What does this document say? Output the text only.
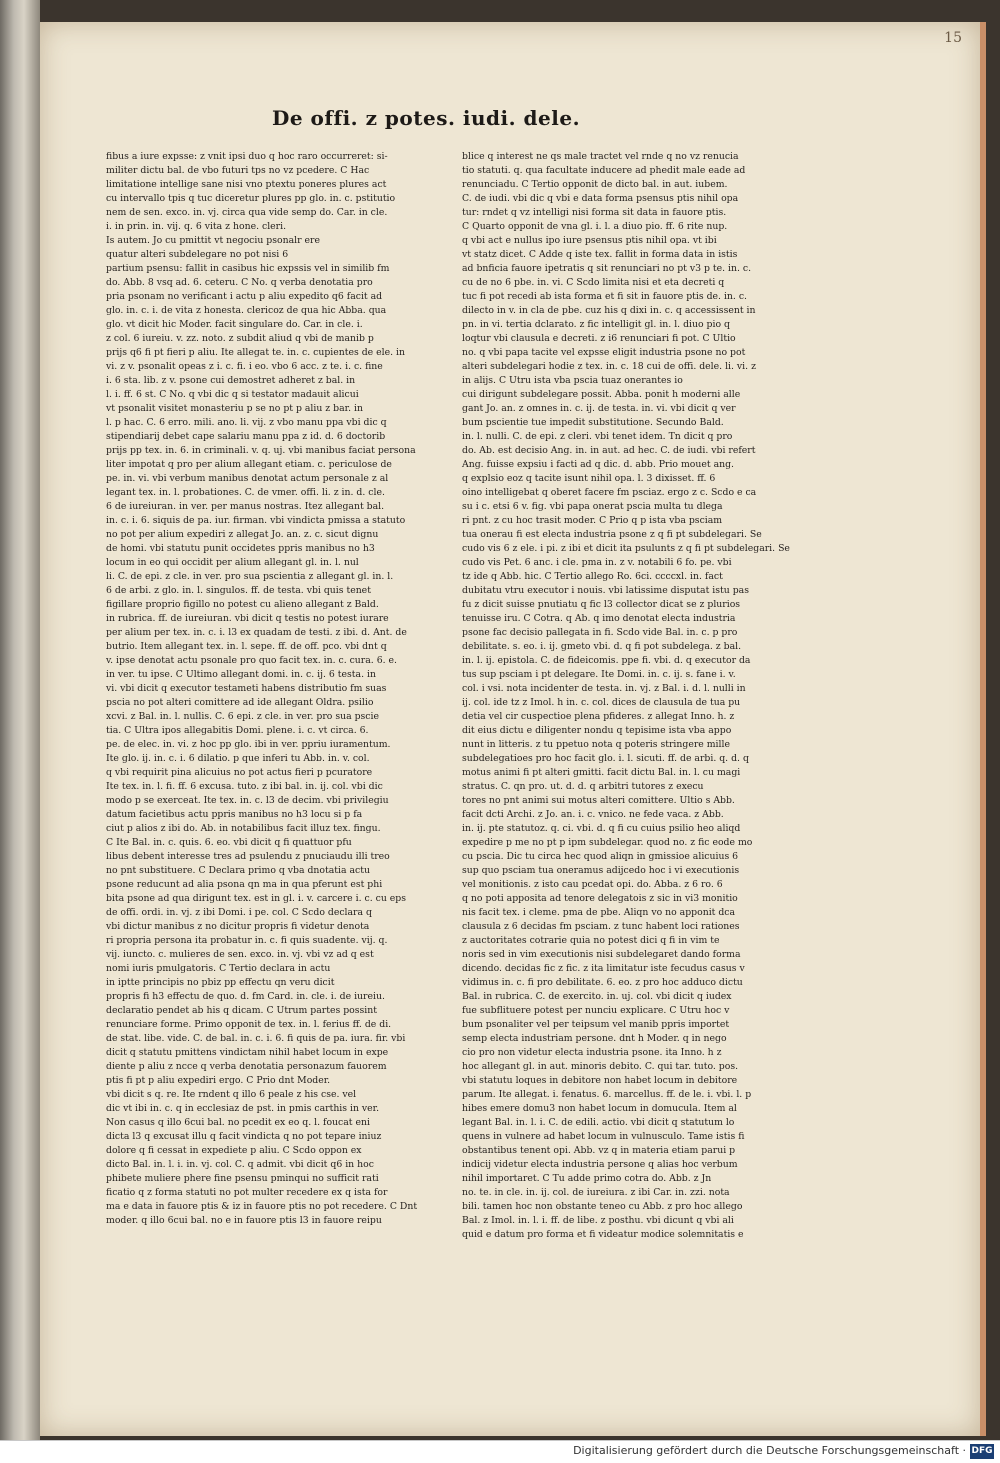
15
De offi. z potes. iudi. dele.
fibus a iure expsse: z vnit ipsi duo q hoc raro occurreret: si-
militer dictu bal. de vbo futuri tps no vz pcedere. C Hac
limitatione intellige sane nisi vno ptextu poneres plures act
cu intervallo tpis q tuc diceretur plures pp glo. in. c. pstitutio
nem de sen. exco. in. vj. circa qua vide semp do. Car. in cle.
i. in prin. in. vij. q. 6 vita z hone. cleri.
Is autem. Jo cu pmittit vt negociu psonalr ere
quatur alteri subdelegare no pot nisi 6
partium psensu: fallit in casibus hic expssis vel in similib fm
do. Abb. 8 vsq ad. 6. ceteru. C No. q verba denotatia pro
pria psonam no verificant i actu p aliu expedito q6 facit ad
glo. in. c. i. de vita z honesta. clericoz de qua hic Abba. qua
glo. vt dicit hic Moder. facit singulare do. Car. in cle. i.
z col. 6 iureiu. v. zz. noto. z subdit aliud q vbi de manib p
prijs q6 fi pt fieri p aliu. Ite allegat te. in. c. cupientes de ele. in
vi. z v. psonalit opeas z i. c. fi. i eo. vbo 6 acc. z te. i. c. fine
i. 6 sta. lib. z v. psone cui demostret adheret z bal. in
l. i. ff. 6 st. C No. q vbi dic q si testator madauit alicui
vt psonalit visitet monasteriu p se no pt p aliu z bar. in
l. p hac. C. 6 erro. mili. ano. li. vij. z vbo manu ppa vbi dic q
stipendiarij debet cape salariu manu ppa z id. d. 6 doctorib
prijs pp tex. in. 6. in criminali. v. q. uj. vbi manibus faciat persona
liter impotat q pro per alium allegant etiam. c. periculose de
pe. in. vi. vbi verbum manibus denotat actum personale z al
legant tex. in. l. probationes. C. de vmer. offi. li. z in. d. cle.
6 de iureiuran. in ver. per manus nostras. Itez allegant bal.
in. c. i. 6. siquis de pa. iur. firman. vbi vindicta pmissa a statuto
no pot per alium expediri z allegat Jo. an. z. c. sicut dignu
de homi. vbi statutu punit occidetes ppris manibus no h3
locum in eo qui occidit per alium allegant gl. in. l. nul
li. C. de epi. z cle. in ver. pro sua pscientia z allegant gl. in. l.
6 de arbi. z glo. in. l. singulos. ff. de testa. vbi quis tenet
figillare proprio figillo no potest cu alieno allegant z Bald.
in rubrica. ff. de iureiuran. vbi dicit q testis no potest iurare
per alium per tex. in. c. i. l3 ex quadam de testi. z ibi. d. Ant. de
butrio. Item allegant tex. in. l. sepe. ff. de off. pco. vbi dnt q
v. ipse denotat actu psonale pro quo facit tex. in. c. cura. 6. e.
in ver. tu ipse. C Ultimo allegant domi. in. c. ij. 6 testa. in
vi. vbi dicit q executor testameti habens distributio fm suas
pscia no pot alteri comittere ad ide allegant Oldra. psilio
xcvi. z Bal. in. l. nullis. C. 6 epi. z cle. in ver. pro sua pscie
tia. C Ultra ipos allegabitis Domi. plene. i. c. vt circa. 6.
pe. de elec. in. vi. z hoc pp glo. ibi in ver. ppriu iuramentum.
Ite glo. ij. in. c. i. 6 dilatio. p que inferi tu Abb. in. v. col.
q vbi requirit pina alicuius no pot actus fieri p pcuratore
Ite tex. in. l. fi. ff. 6 excusa. tuto. z ibi bal. in. ij. col. vbi dic
modo p se exerceat. Ite tex. in. c. l3 de decim. vbi privilegiu
datum facietibus actu ppris manibus no h3 locu si p fa
ciut p alios z ibi do. Ab. in notabilibus facit illuz tex. fingu.
C Ite Bal. in. c. quis. 6. eo. vbi dicit q fi quattuor pfu
libus debent interesse tres ad psulendu z pnuciaudu illi treo
no pnt substituere. C Declara primo q vba dnotatia actu
psone reducunt ad alia psona qn ma in qua pferunt est phi
bita psone ad qua dirigunt tex. est in gl. i. v. carcere i. c. cu eps
de offi. ordi. in. vj. z ibi Domi. i pe. col. C Scdo declara q
vbi dictur manibus z no dicitur propris fi videtur denota
ri propria persona ita probatur in. c. fi quis suadente. vij. q.
vij. iuncto. c. mulieres de sen. exco. in. vj. vbi vz ad q est
nomi iuris pmulgatoris. C Tertio declara in actu
in iptte principis no pbiz pp effectu qn veru dicit
propris fi h3 effectu de quo. d. fm Card. in. cle. i. de iureiu.
declaratio pendet ab his q dicam. C Utrum partes possint
renunciare forme. Primo opponit de tex. in. l. ferius ff. de di.
de stat. libe. vide. C. de bal. in. c. i. 6. fi quis de pa. iura. fir. vbi
dicit q statutu pmittens vindictam nihil habet locum in expe
diente p aliu z ncce q verba denotatia personazum fauorem
ptis fi pt p aliu expediri ergo. C Prio dnt Moder.
vbi dicit s q. re. Ite rndent q illo 6 peale z his cse. vel
dic vt ibi in. c. q in ecclesiaz de pst. in pmis carthis in ver.
Non casus q illo 6cui bal. no pcedit ex eo q. l. foucat eni
dicta l3 q excusat illu q facit vindicta q no pot tepare iniuz
dolore q fi cessat in expediete p aliu. C Scdo oppon ex
dicto Bal. in. l. i. in. vj. col. C. q admit. vbi dicit q6 in hoc
phibete muliere phere fine psensu pminqui no sufficit rati
ficatio q z forma statuti no pot multer recedere ex q ista for
ma e data in fauore ptis & iz in fauore ptis no pot recedere. C Dnt
moder. q illo 6cui bal. no e in fauore ptis l3 in fauore reipu
blice q interest ne qs male tractet vel rnde q no vz renucia
tio statuti. q. qua facultate inducere ad phedit male eade ad
renunciadu. C Tertio opponit de dicto bal. in aut. iubem.
C. de iudi. vbi dic q vbi e data forma psensus ptis nihil opa
tur: rndet q vz intelligi nisi forma sit data in fauore ptis.
C Quarto opponit de vna gl. i. l. a diuo pio. ff. 6 rite nup.
q vbi act e nullus ipo iure psensus ptis nihil opa. vt ibi
vt statz dicet. C Adde q iste tex. fallit in forma data in istis
ad bnficia fauore ipetratis q sit renunciari no pt v3 p te. in. c.
cu de no 6 pbe. in. vi. C Scdo limita nisi et eta decreti q
tuc fi pot recedi ab ista forma et fi sit in fauore ptis de. in. c.
dilecto in v. in cla de pbe. cuz his q dixi in. c. q accessissent in
pn. in vi. tertia dclarato. z fic intelligit gl. in. l. diuo pio q
loqtur vbi clausula e decreti. z i6 renunciari fi pot. C Ultio
no. q vbi papa tacite vel expsse eligit industria psone no pot
alteri subdelegari hodie z tex. in. c. 18 cui de offi. dele. li. vi. z
in alijs. C Utru ista vba pscia tuaz onerantes io
cui dirigunt subdelegare possit. Abba. ponit h moderni alle
gant Jo. an. z omnes in. c. ij. de testa. in. vi. vbi dicit q ver
bum pscientie tue impedit substitutione. Secundo Bald.
in. l. nulli. C. de epi. z cleri. vbi tenet idem. Tn dicit q pro
do. Ab. est decisio Ang. in. in aut. ad hec. C. de iudi. vbi refert
Ang. fuisse expsiu i facti ad q dic. d. abb. Prio mouet ang.
q explsio eoz q tacite isunt nihil opa. l. 3 dixisset. ff. 6
oino intelligebat q oberet facere fm psciaz. ergo z c. Scdo e ca
su i c. etsi 6 v. fig. vbi papa onerat pscia multa tu dlega
ri pnt. z cu hoc trasit moder. C Prio q p ista vba psciam
tua onerau fi est electa industria psone z q fi pt subdelegari. Se
cudo vis 6 z ele. i pi. z ibi et dicit ita psulunts z q fi pt subdelegari. Se
cudo vis Pet. 6 anc. i cle. pma in. z v. notabili 6 fo. pe. vbi
tz ide q Abb. hic. C Tertio allego Ro. 6ci. ccccxl. in. fact
dubitatu vtru executor i nouis. vbi latissime disputat istu pas
fu z dicit suisse pnutiatu q fic l3 collector dicat se z plurios
tenuisse iru. C Cotra. q Ab. q imo denotat electa industria
psone fac decisio pallegata in fi. Scdo vide Bal. in. c. p pro
debilitate. s. eo. i. ij. gmeto vbi. d. q fi pot subdelega. z bal.
in. l. ij. epistola. C. de fideicomis. ppe fi. vbi. d. q executor da
tus sup psciam i pt delegare. Ite Domi. in. c. ij. s. fane i. v.
col. i vsi. nota incidenter de testa. in. vj. z Bal. i. d. l. nulli in
ij. col. ide tz z Imol. h in. c. col. dices de clausula de tua pu
detia vel cir cuspectioe plena pfideres. z allegat Inno. h. z
dit eius dictu e diligenter nondu q tepisime ista vba appo
nunt in litteris. z tu ppetuo nota q poteris stringere mille
subdelegatioes pro hoc facit glo. i. l. sicuti. ff. de arbi. q. d. q
motus animi fi pt alteri gmitti. facit dictu Bal. in. l. cu magi
stratus. C. qn pro. ut. d. d. q arbitri tutores z execu
tores no pnt animi sui motus alteri comittere. Ultio s Abb.
facit dcti Archi. z Jo. an. i. c. vnico. ne fede vaca. z Abb.
in. ij. pte statutoz. q. ci. vbi. d. q fi cu cuius psilio heo aliqd
expedire p me no pt p ipm subdelegar. quod no. z fic eode mo
cu pscia. Dic tu circa hec quod aliqn in gmissioe alicuius 6
sup quo psciam tua oneramus adijcedo hoc i vi executionis
vel monitionis. z isto cau pcedat opi. do. Abba. z 6 ro. 6
q no poti apposita ad tenore delegatois z sic in vi3 monitio
nis facit tex. i cleme. pma de pbe. Aliqn vo no apponit dca
clausula z 6 decidas fm psciam. z tunc habent loci rationes
z auctoritates cotrarie quia no potest dici q fi in vim te
noris sed in vim executionis nisi subdelegaret dando forma
dicendo. decidas fic z fic. z ita limitatur iste fecudus casus v
vidimus in. c. fi pro debilitate. 6. eo. z pro hoc adduco dictu
Bal. in rubrica. C. de exercito. in. uj. col. vbi dicit q iudex
fue subflituere potest per nunciu explicare. C Utru hoc v
bum psonaliter vel per teipsum vel manib ppris importet
semp electa industriam persone. dnt h Moder. q in nego
cio pro non videtur electa industria psone. ita Inno. h z
hoc allegant gl. in aut. minoris debito. C. qui tar. tuto. pos.
vbi statutu loques in debitore non habet locum in debitore
parum. Ite allegat. i. fenatus. 6. marcellus. ff. de le. i. vbi. l. p
hibes emere domu3 non habet locum in domucula. Item al
legant Bal. in. l. i. C. de edili. actio. vbi dicit q statutum lo
quens in vulnere ad habet locum in vulnusculo. Tame istis fi
obstantibus tenent opi. Abb. vz q in materia etiam parui p
indicij videtur electa industria persone q alias hoc verbum
nihil importaret. C Tu adde primo cotra do. Abb. z Jn
no. te. in cle. in. ij. col. de iureiura. z ibi Car. in. zzi. nota
bili. tamen hoc non obstante teneo cu Abb. z pro hoc allego
Bal. z Imol. in. l. i. ff. de libe. z posthu. vbi dicunt q vbi ali
quid e datum pro forma et fi videatur modice solemnitatis e
Digitalisierung gefördert durch die Deutsche Forschungsgemeinschaft · DFG
